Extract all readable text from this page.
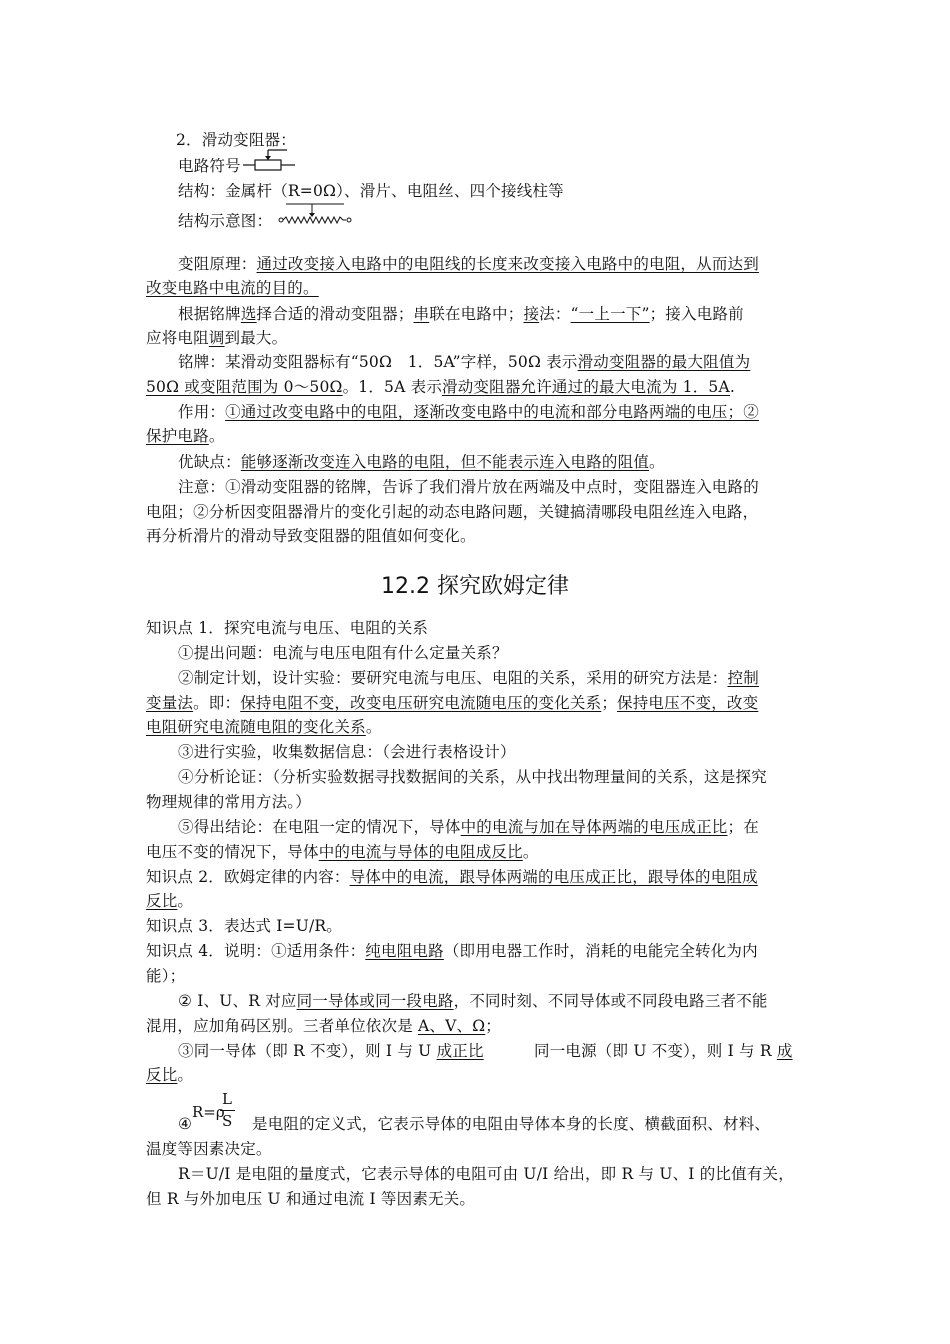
2．滑动变阻器：
电路符号
结构：金属杆（R=0Ω）、滑片、电阻丝、四个接线柱等
结构示意图：
变阻原理：通过改变接入电路中的电阻线的长度来改变接入电路中的电阻，从而达到
改变电路中电流的目的。
根据铭牌选择合适的滑动变阻器；串联在电路中；接法：“一上一下”；接入电路前
应将电阻调到最大。
铭牌：某滑动变阻器标有“50Ω　1．5A”字样，50Ω 表示滑动变阻器的最大阻值为
50Ω 或变阻范围为 0～50Ω。1．5A 表示滑动变阻器允许通过的最大电流为 1．5A.
作用：①通过改变电路中的电阻，逐渐改变电路中的电流和部分电路两端的电压；②
保护电路。
优缺点：能够逐渐改变连入电路的电阻，但不能表示连入电路的阻值。
注意：①滑动变阻器的铭牌，告诉了我们滑片放在两端及中点时，变阻器连入电路的
电阻；②分析因变阻器滑片的变化引起的动态电路问题，关键搞清哪段电阻丝连入电路，
再分析滑片的滑动导致变阻器的阻值如何变化。
12.2 探究欧姆定律
知识点 1．探究电流与电压、电阻的关系
①提出问题：电流与电压电阻有什么定量关系？
②制定计划，设计实验：要研究电流与电压、电阻的关系，采用的研究方法是：控制
变量法。即：保持电阻不变，改变电压研究电流随电压的变化关系；保持电压不变，改变
电阻研究电流随电阻的变化关系。
③进行实验，收集数据信息：（会进行表格设计）
④分析论证：（分析实验数据寻找数据间的关系，从中找出物理量间的关系，这是探究
物理规律的常用方法。）
⑤得出结论：在电阻一定的情况下，导体中的电流与加在导体两端的电压成正比；在
电压不变的情况下，导体中的电流与导体的电阻成反比。
知识点 2．欧姆定律的内容：导体中的电流，跟导体两端的电压成正比，跟导体的电阻成
反比。
知识点 3．表达式 I=U/R。
知识点 4．说明：①适用条件：纯电阻电路（即用电器工作时，消耗的电能完全转化为内
能）；
② I、U、R 对应同一导体或同一段电路，不同时刻、不同导体或不同段电路三者不能
混用，应加角码区别。三者单位依次是 A、V、Ω；
③同一导体（即 R 不变），则 I 与 U 成正比	同一电源（即 U 不变），则 I 与 R 成
反比。
④
R=ρ
L
S 是电阻的定义式，它表示导体的电阻由导体本身的长度、横截面积、材料、
温度等因素决定。
R＝U/I 是电阻的量度式，它表示导体的电阻可由 U/I 给出，即 R 与 U、I 的比值有关，
但 R 与外加电压 U 和通过电流 I 等因素无关。
